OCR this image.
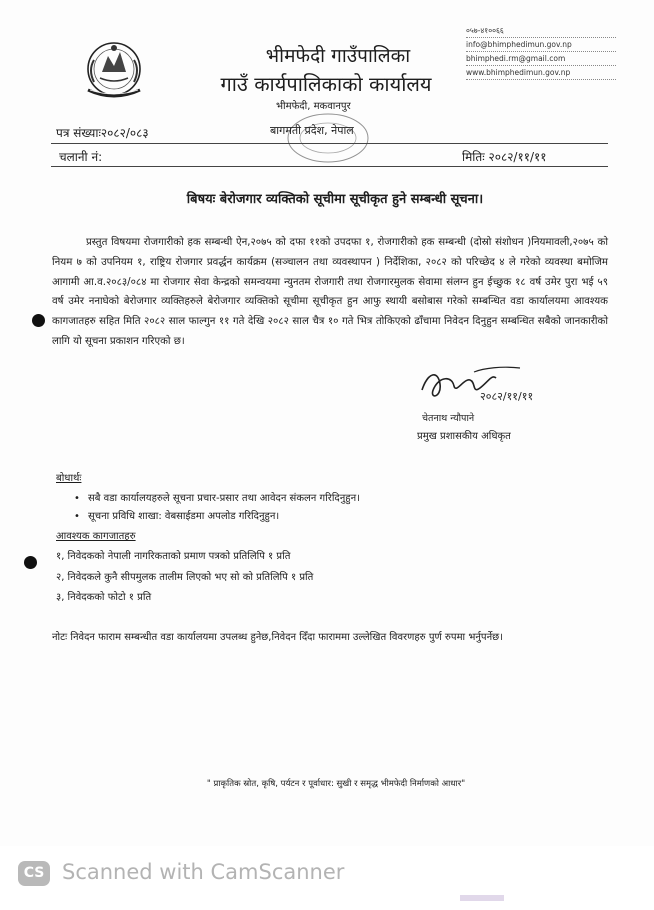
०५७-४१००६६
info@bhimphedimun.gov.np
bhimphedi.rm@gmail.com
www.bhimphedimun.gov.np
भीमफेदी गाउँपालिका
गाउँ कार्यपालिकाको कार्यालय
भीमफेदी, मकवानपुर
बागमती प्रदेश, नेपाल
पत्र संख्याः२०८२/०८३
चलानी नं:	मितिः २०८२/११/११
बिषयः बेरोजगार व्यक्तिको सूचीमा सूचीकृत हुने सम्बन्धी सूचना।
प्रस्तुत विषयमा रोजगारीको हक सम्बन्धी ऐन,२०७५ को दफा ११को उपदफा १, रोजगारीको हक सम्बन्धी (दोस्रो संशोधन )नियमावली,२०७५ को नियम ७ को उपनियम १, राष्ट्रिय रोजगार प्रवर्द्धन कार्यक्रम (सञ्चालन तथा व्यवस्थापन ) निर्देशिका, २०८२ को परिच्छेद ४ ले गरेको व्यवस्था बमोजिम आगामी आ.व.२०८३/०८४ मा रोजगार सेवा केन्द्रको समन्वयमा न्युनतम रोजगारी तथा रोजगारमुलक सेवामा संलग्न हुन ईच्छुक १८ वर्ष उमेर पुरा भई ५९ वर्ष उमेर ननाघेको बेरोजगार व्यक्तिहरुले बेरोजगार व्यक्तिको सूचीमा सूचीकृत हुन आफु स्थायी बसोबास गरेको सम्बन्धित वडा कार्यालयमा आवश्यक कागजातहरु सहित मिति २०८२ साल फाल्गुन ११ गते देखि २०८२ साल चैत्र १० गते भित्र तोकिएको ढाँचामा निवेदन दिनुहुन सम्बन्धित सबैको जानकारीको लागि यो सूचना प्रकाशन गरिएको छ।
२०८२/११/११
चेतनाथ न्यौपाने
प्रमुख प्रशासकीय अधिकृत
बोधार्थः
• सबै वडा कार्यालयहरुले सूचना प्रचार-प्रसार तथा आवेदन संकलन गरिदिनुहुन।
• सूचना प्रविधि शाखा: वेबसाईडमा अपलोड गरिदिनुहुन।
आवश्यक कागजातहरु
१, निवेदकको नेपाली नागरिकताको प्रमाण पत्रको प्रतिलिपि १ प्रति
२, निवेदकले कुनै सीपमुलक तालीम लिएको भए सो को प्रतिलिपि १ प्रति
३, निवेदकको फोटो १ प्रति
नोटः निवेदन फाराम सम्बन्धीत वडा कार्यालयमा उपलब्ध हुनेछ,निवेदन दिँदा फाराममा उल्लेखित विवरणहरु पुर्ण रुपमा भर्नुपर्नेछ।
" प्राकृतिक स्रोत, कृषि, पर्यटन र पूर्वाधार: सुखी र समृद्ध भीमफेदी निर्माणको आधार"
CS Scanned with CamScanner
